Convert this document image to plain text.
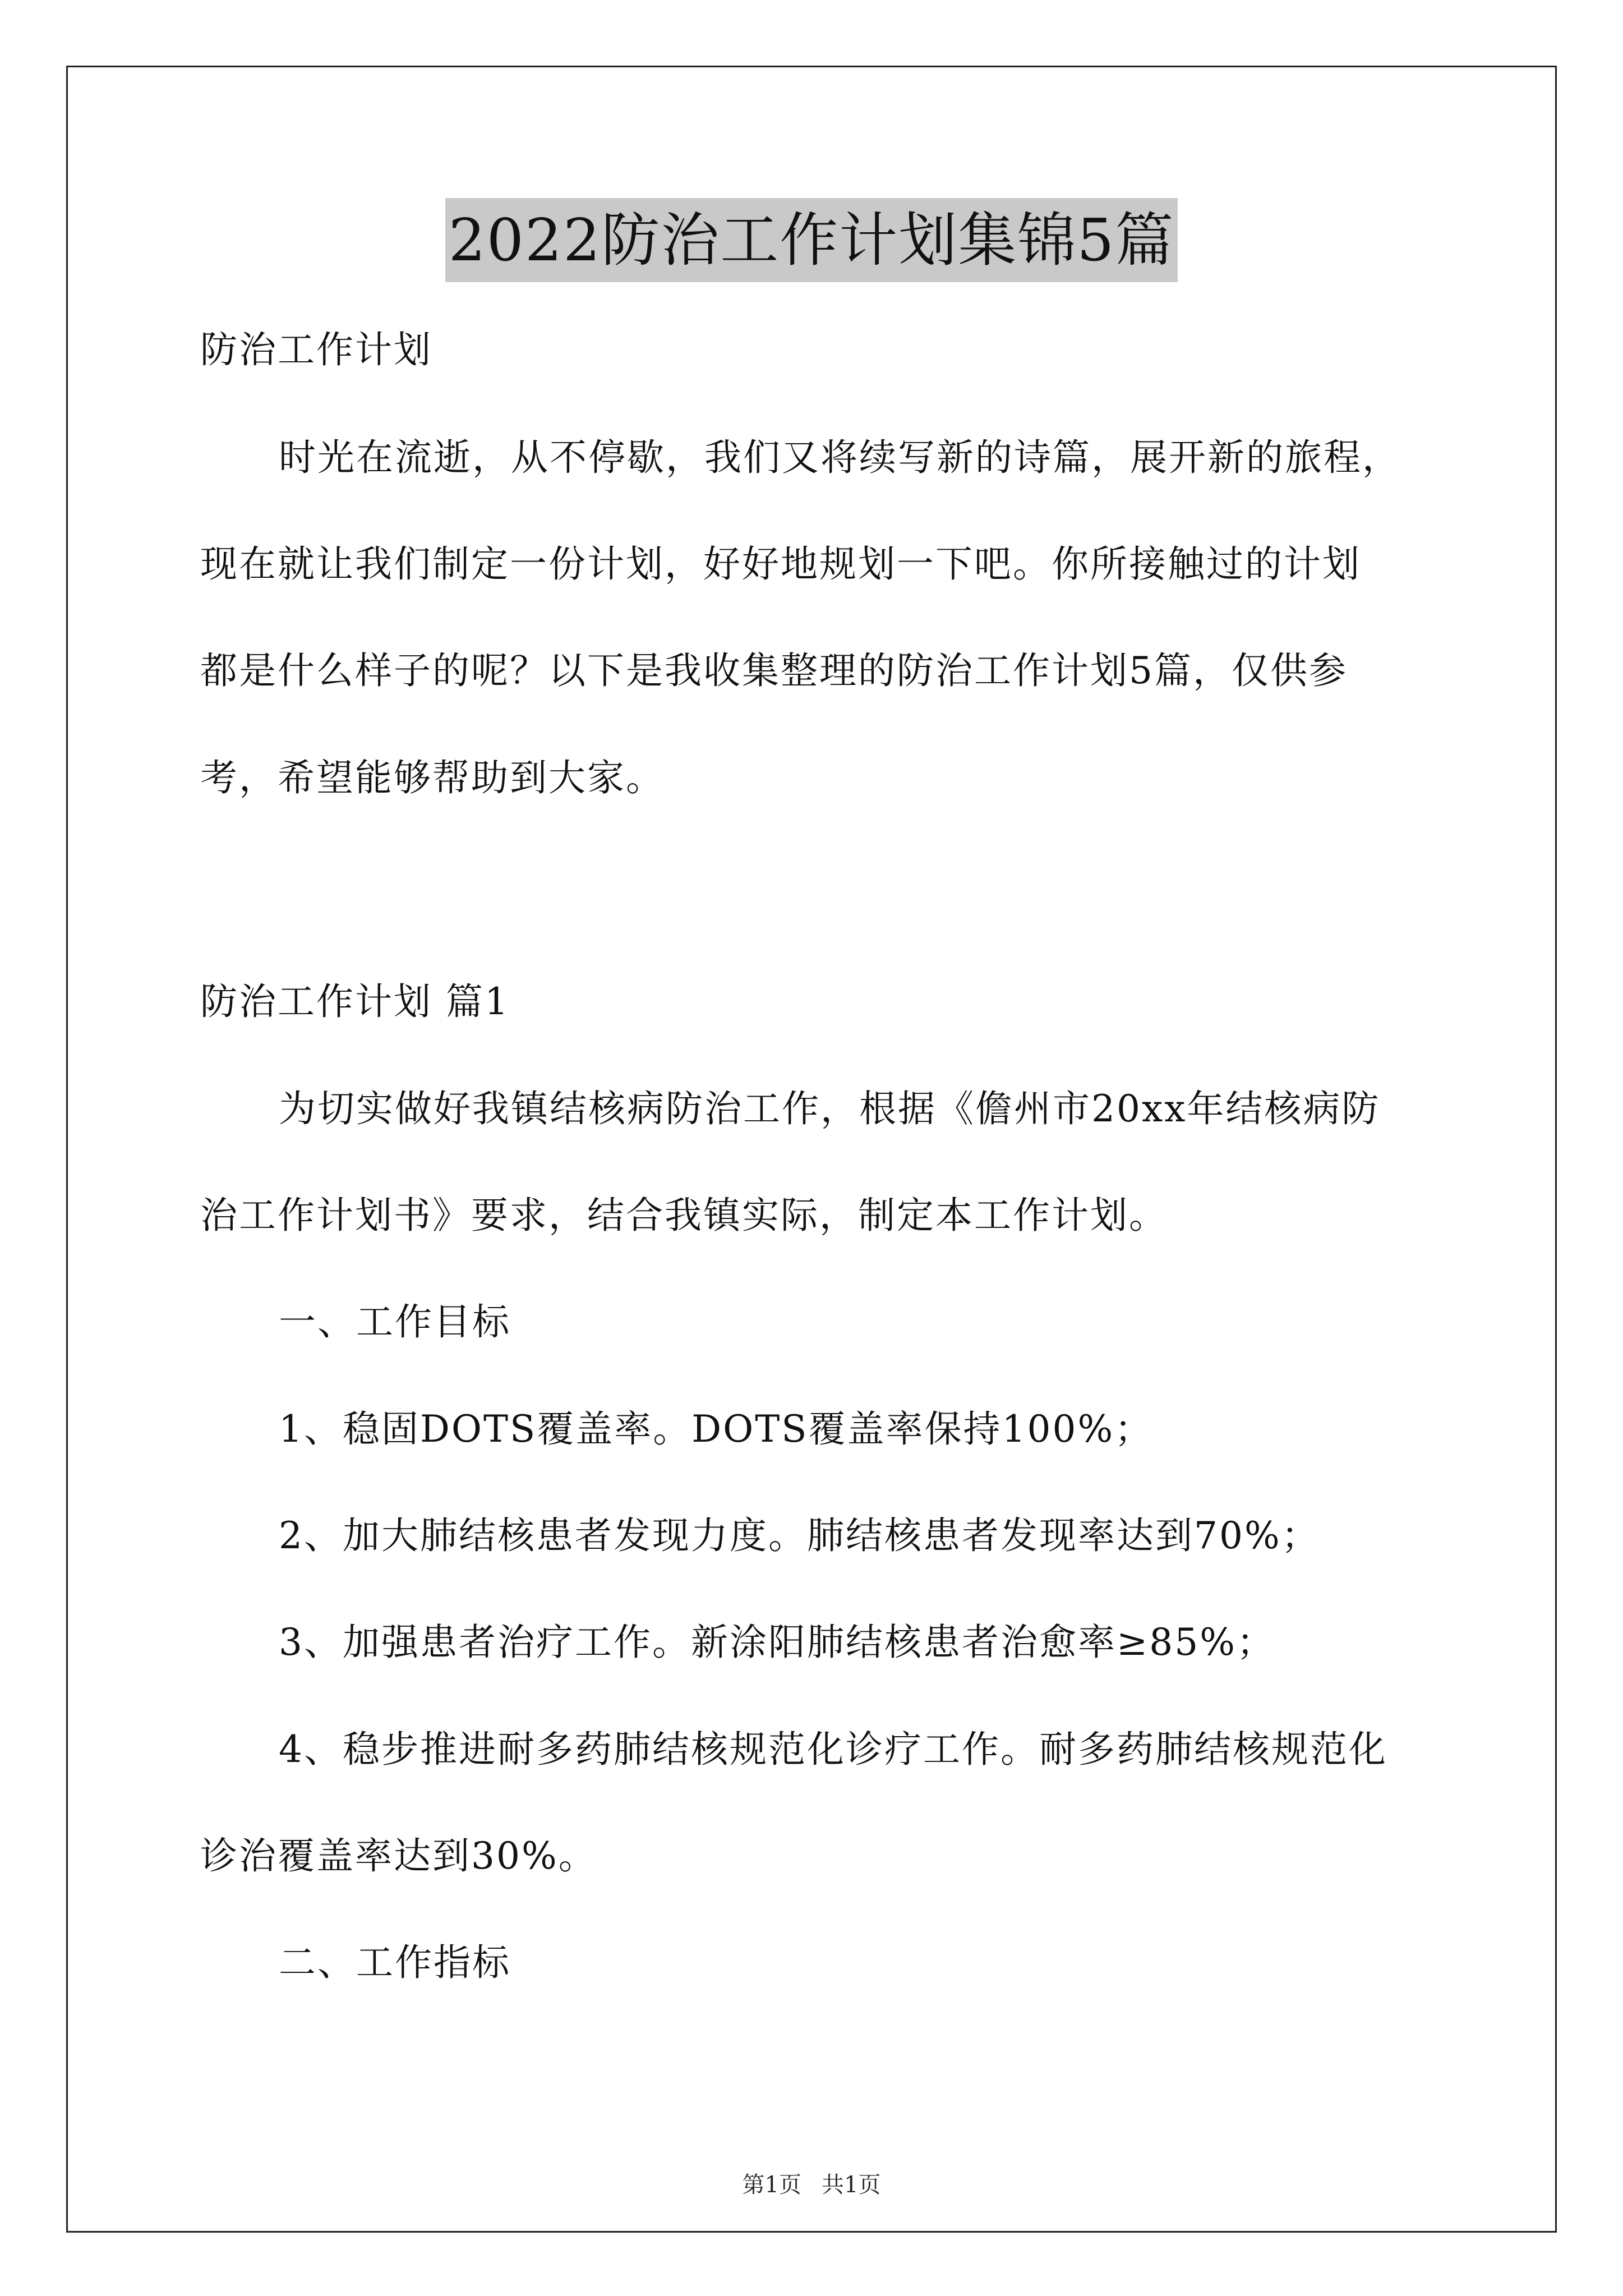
2022防治工作计划集锦5篇
防治工作计划
时光在流逝，从不停歇，我们又将续写新的诗篇，展开新的旅程，
现在就让我们制定一份计划，好好地规划一下吧。你所接触过的计划
都是什么样子的呢？以下是我收集整理的防治工作计划5篇，仅供参
考，希望能够帮助到大家。
防治工作计划 篇1
为切实做好我镇结核病防治工作，根据《儋州市20xx年结核病防
治工作计划书》要求，结合我镇实际，制定本工作计划。
一、工作目标
1、稳固DOTS覆盖率。DOTS覆盖率保持100%；
2、加大肺结核患者发现力度。肺结核患者发现率达到70%；
3、加强患者治疗工作。新涂阳肺结核患者治愈率≥85%；
4、稳步推进耐多药肺结核规范化诊疗工作。耐多药肺结核规范化
诊治覆盖率达到30%。
二、工作指标
第1页 共1页
